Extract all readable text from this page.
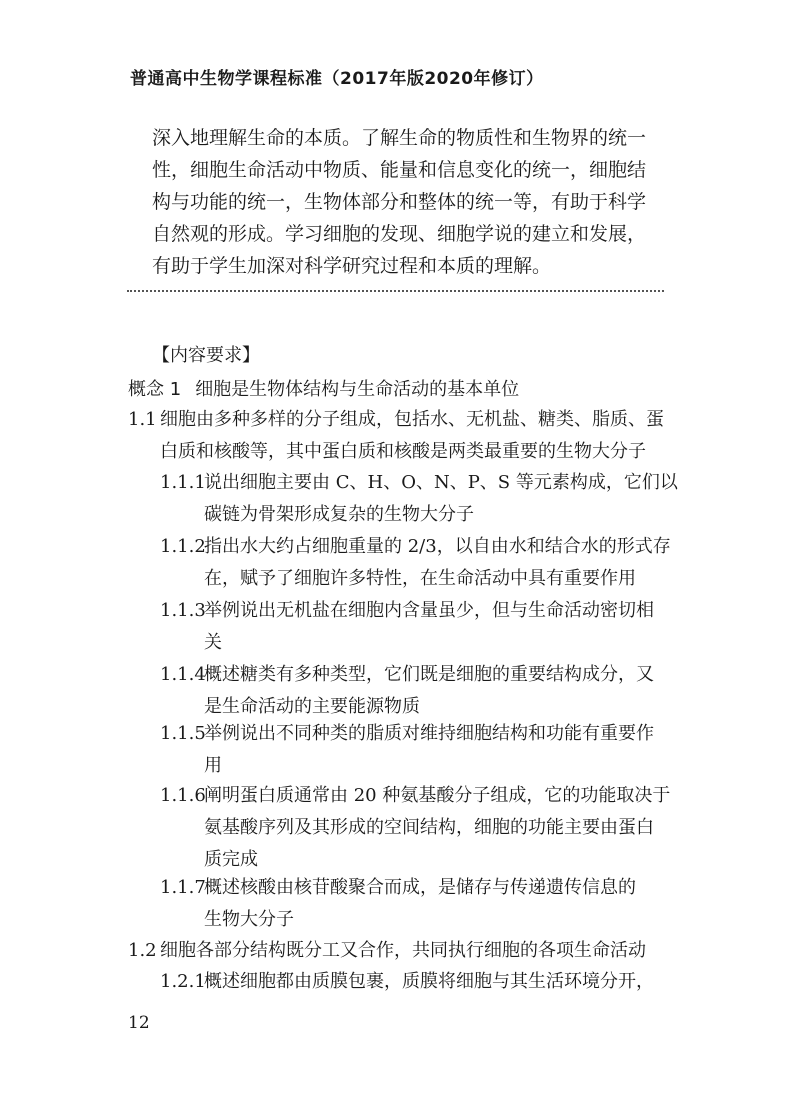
普通高中生物学课程标准（2017年版2020年修订）
深入地理解生命的本质。了解生命的物质性和生物界的统一
性，细胞生命活动中物质、能量和信息变化的统一，细胞结
构与功能的统一，生物体部分和整体的统一等，有助于科学
自然观的形成。学习细胞的发现、细胞学说的建立和发展，
有助于学生加深对科学研究过程和本质的理解。
【内容要求】
概念 1 细胞是生物体结构与生命活动的基本单位
1.1 细胞由多种多样的分子组成，包括水、无机盐、糖类、脂质、蛋
白质和核酸等，其中蛋白质和核酸是两类最重要的生物大分子
1.1.1说出细胞主要由 C、H、O、N、P、S 等元素构成，它们以
碳链为骨架形成复杂的生物大分子
1.1.2指出水大约占细胞重量的 2/3，以自由水和结合水的形式存
在，赋予了细胞许多特性，在生命活动中具有重要作用
1.1.3举例说出无机盐在细胞内含量虽少，但与生命活动密切相
关
1.1.4概述糖类有多种类型，它们既是细胞的重要结构成分，又
是生命活动的主要能源物质
1.1.5举例说出不同种类的脂质对维持细胞结构和功能有重要作
用
1.1.6阐明蛋白质通常由 20 种氨基酸分子组成，它的功能取决于
氨基酸序列及其形成的空间结构，细胞的功能主要由蛋白
质完成
1.1.7概述核酸由核苷酸聚合而成，是储存与传递遗传信息的
生物大分子
1.2 细胞各部分结构既分工又合作，共同执行细胞的各项生命活动
1.2.1概述细胞都由质膜包裹，质膜将细胞与其生活环境分开，
12
